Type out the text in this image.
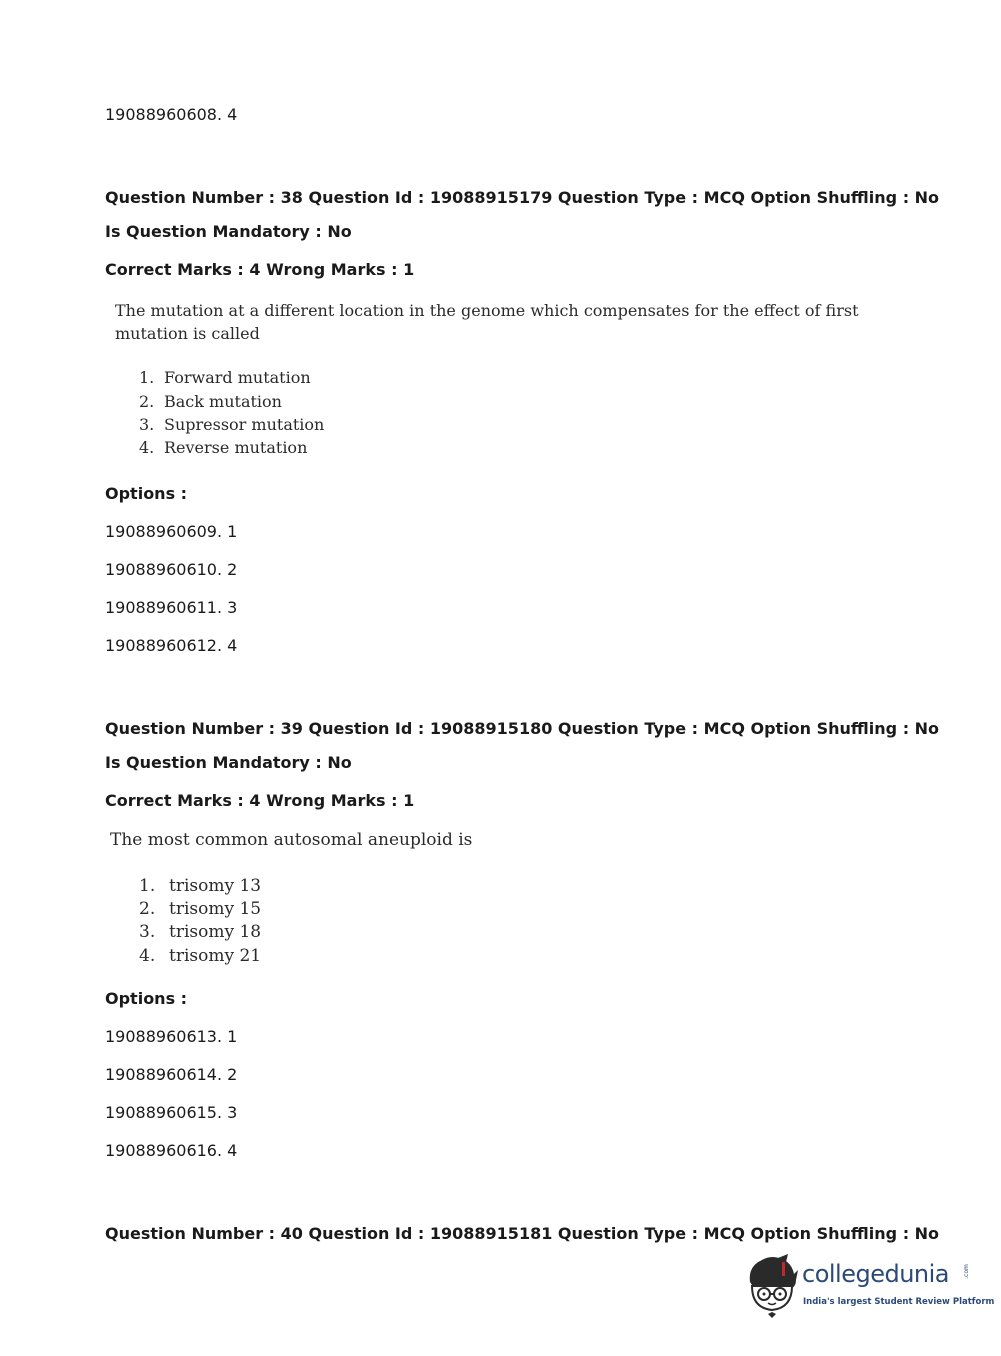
19088960608. 4
Question Number : 38 Question Id : 19088915179 Question Type : MCQ Option Shuffling : No
Is Question Mandatory : No
Correct Marks : 4 Wrong Marks : 1
The mutation at a different location in the genome which compensates for the effect of first
mutation is called
1. Forward mutation
2. Back mutation
3. Supressor mutation
4. Reverse mutation
Options :
19088960609. 1
19088960610. 2
19088960611. 3
19088960612. 4
Question Number : 39 Question Id : 19088915180 Question Type : MCQ Option Shuffling : No
Is Question Mandatory : No
Correct Marks : 4 Wrong Marks : 1
The most common autosomal aneuploid is
1. trisomy 13
2. trisomy 15
3. trisomy 18
4. trisomy 21
Options :
19088960613. 1
19088960614. 2
19088960615. 3
19088960616. 4
Question Number : 40 Question Id : 19088915181 Question Type : MCQ Option Shuffling : No
collegedunia .com
India's largest Student Review Platform
